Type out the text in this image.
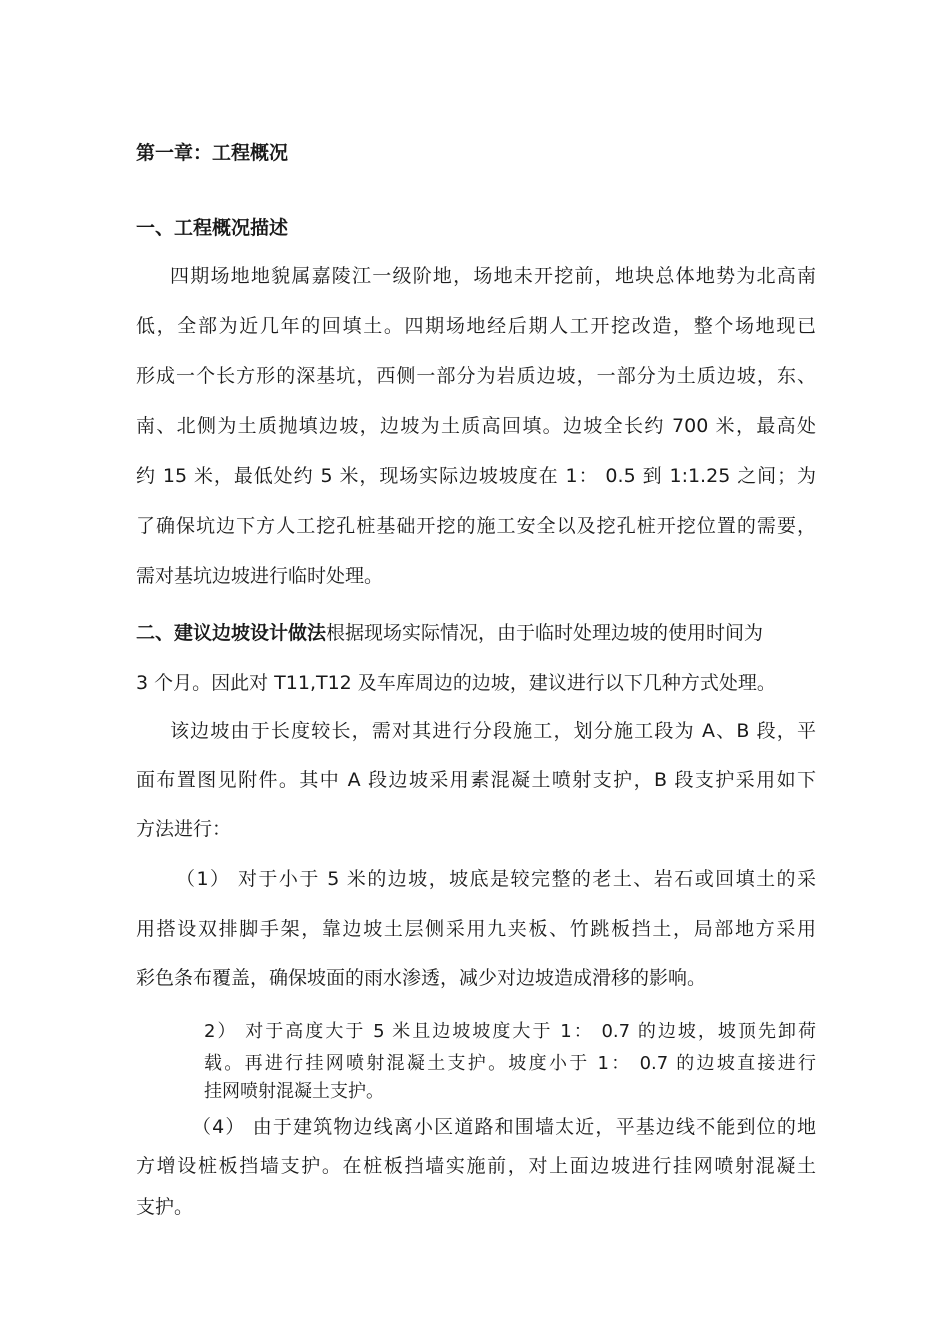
第一章：工程概况
一、工程概况描述
四期场地地貌属嘉陵江一级阶地，场地未开挖前，地块总体地势为北高南
低，全部为近几年的回填土。四期场地经后期人工开挖改造，整个场地现已
形成一个长方形的深基坑，西侧一部分为岩质边坡，一部分为土质边坡，东、
南、北侧为土质抛填边坡，边坡为土质高回填。边坡全长约 700 米，最高处
约 15 米，最低处约 5 米，现场实际边坡坡度在 1： 0.5 到 1:1.25 之间；为
了确保坑边下方人工挖孔桩基础开挖的施工安全以及挖孔桩开挖位置的需要，
需对基坑边坡进行临时处理。
二、建议边坡设计做法根据现场实际情况，由于临时处理边坡的使用时间为
3 个月。因此对 T11,T12 及车库周边的边坡，建议进行以下几种方式处理。
该边坡由于长度较长，需对其进行分段施工，划分施工段为 A、B 段，平
面布置图见附件。其中 A 段边坡采用素混凝土喷射支护，B 段支护采用如下
方法进行：
（1） 对于小于 5 米的边坡，坡底是较完整的老土、岩石或回填土的采
用搭设双排脚手架，靠边坡土层侧采用九夹板、竹跳板挡土，局部地方采用
彩色条布覆盖，确保坡面的雨水渗透，减少对边坡造成滑移的影响。
2） 对于高度大于 5 米且边坡坡度大于 1： 0.7 的边坡，坡顶先卸荷
载。再进行挂网喷射混凝土支护。坡度小于 1： 0.7 的边坡直接进行
挂网喷射混凝土支护。
（4） 由于建筑物边线离小区道路和围墙太近，平基边线不能到位的地
方增设桩板挡墙支护。在桩板挡墙实施前，对上面边坡进行挂网喷射混凝土
支护。
